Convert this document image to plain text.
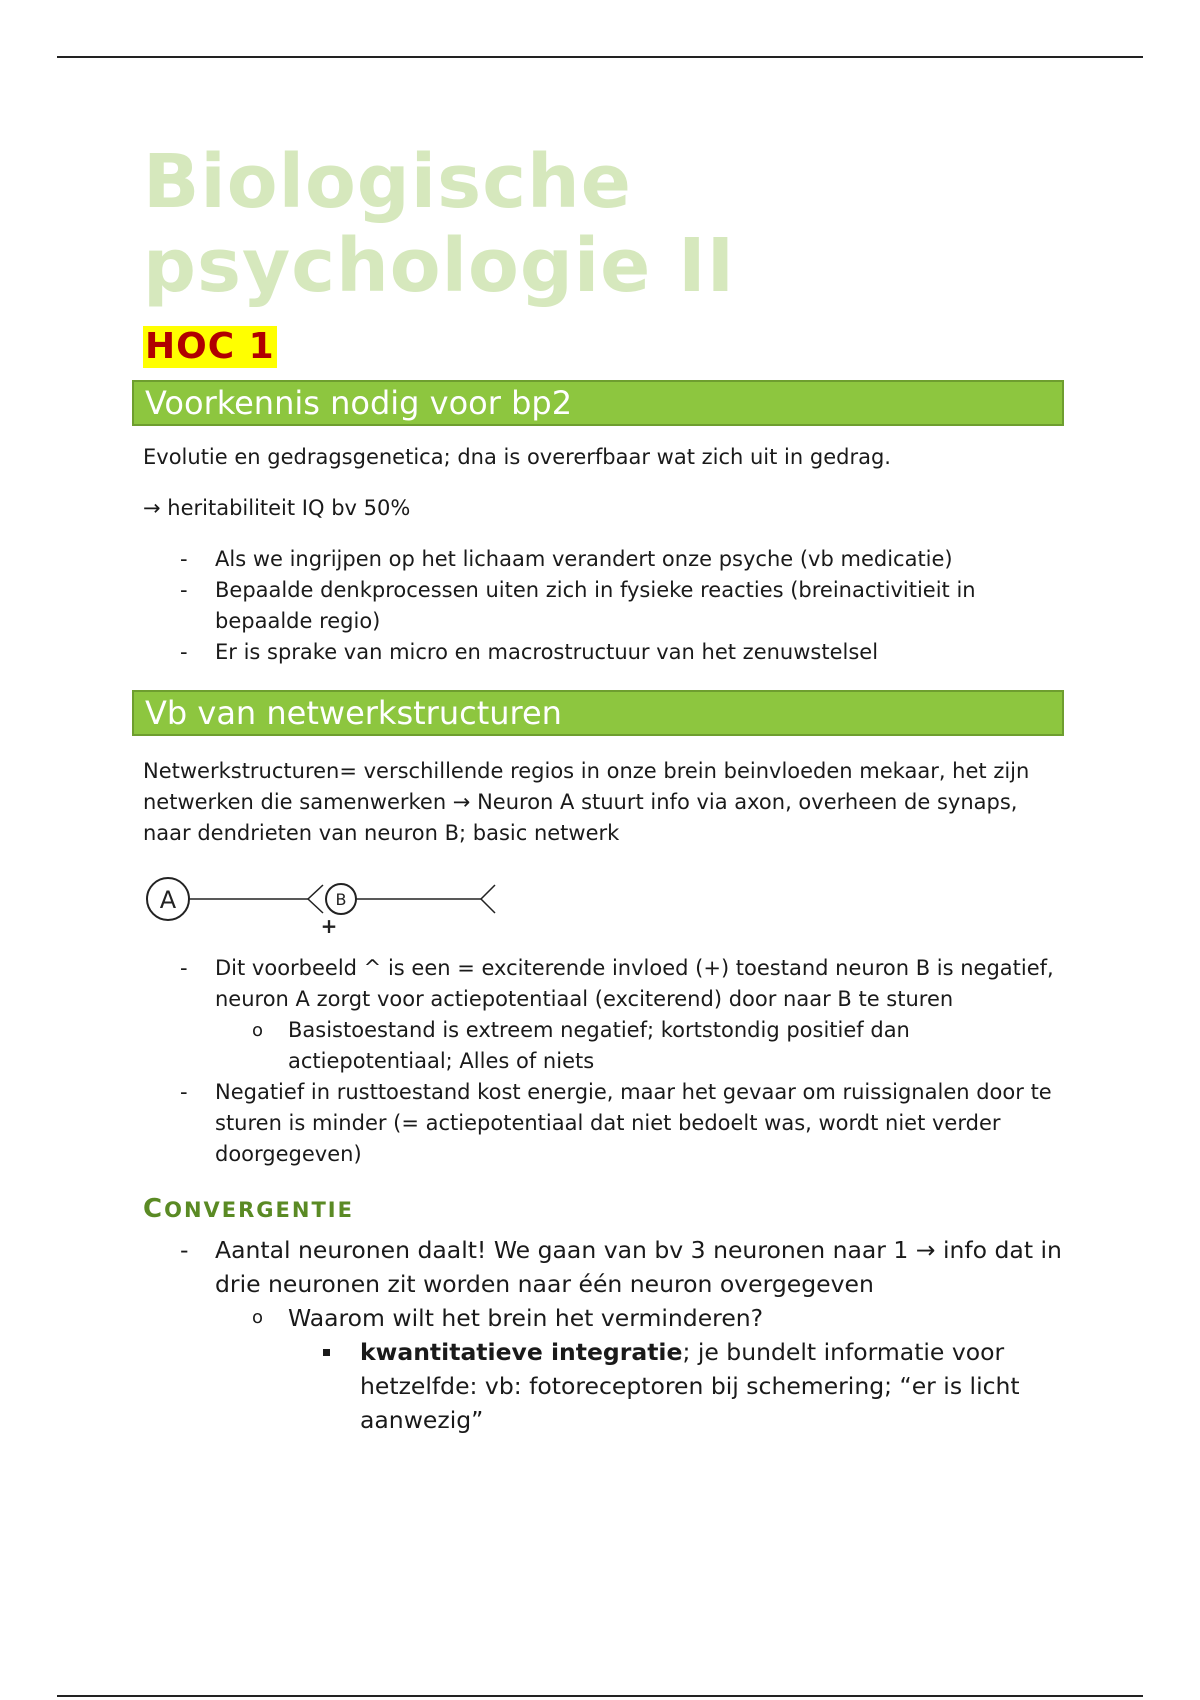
Biologische
psychologie II
HOC 1
Voorkennis nodig voor bp2

Evolutie en gedragsgenetica; dna is overerfbaar wat zich uit in gedrag.

→ heritabiliteit IQ bv 50%

- Als we ingrijpen op het lichaam verandert onze psyche (vb medicatie)
- Bepaalde denkprocessen uiten zich in fysieke reacties (breinactivitieit in bepaalde regio)
- Er is sprake van micro en macrostructuur van het zenuwstelsel
Vb van netwerkstructuren

Netwerkstructuren= verschillende regios in onze brein beinvloeden mekaar, het zijn netwerken die samenwerken → Neuron A stuurt info via axon, overheen de synaps, naar dendrieten van neuron B; basic netwerk

A	B
+
- Dit voorbeeld ^ is een = exciterende invloed (+) toestand neuron B is negatief, neuron A zorgt voor actiepotentiaal (exciterend) door naar B te sturen
o Basistoestand is extreem negatief; kortstondig positief dan actiepotentiaal; Alles of niets
- Negatief in rusttoestand kost energie, maar het gevaar om ruissignalen door te sturen is minder (= actiepotentiaal dat niet bedoelt was, wordt niet verder doorgegeven)
CONVERGENTIE
- Aantal neuronen daalt! We gaan van bv 3 neuronen naar 1 → info dat in drie neuronen zit worden naar één neuron overgegeven
o Waarom wilt het brein het verminderen?
kwantitatieve integratie; je bundelt informatie voor hetzelfde: vb: fotoreceptoren bij schemering; “er is licht aanwezig”
